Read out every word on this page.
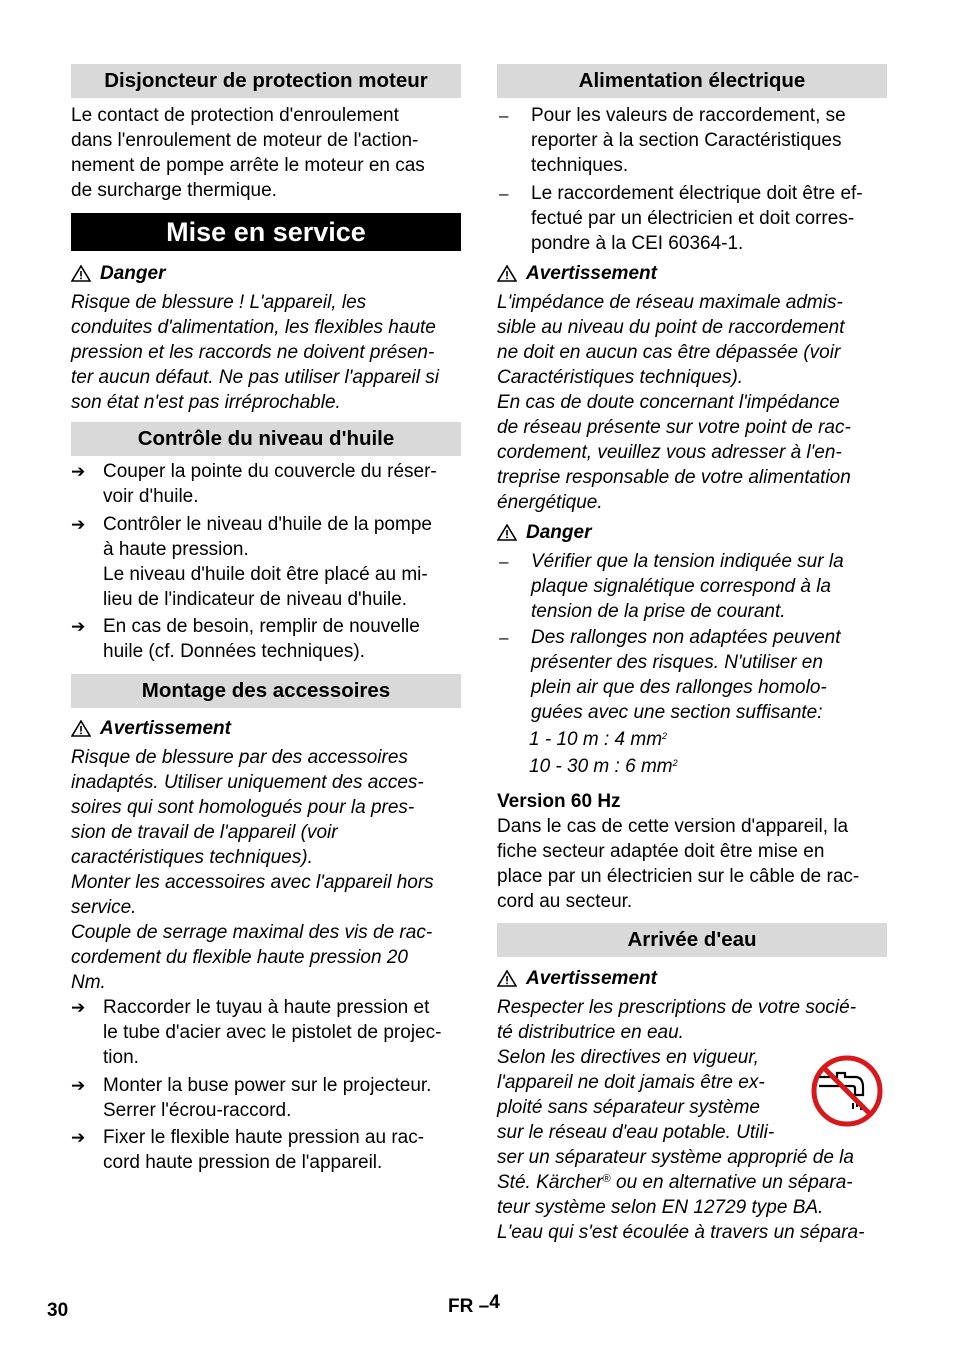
Disjoncteur de protection moteur

Le contact de protection d'enroulement
dans l'enroulement de moteur de l'action-
nement de pompe arrête le moteur en cas
de surcharge thermique.

Mise en service
Danger

Risque de blessure ! L'appareil, les
conduites d'alimentation, les flexibles haute
pression et les raccords ne doivent présen-
ter aucun défaut. Ne pas utiliser l'appareil si
son état n'est pas irréprochable.

Contrôle du niveau d'huile
➔ Couper la pointe du couvercle du réser-
voir d'huile.
➔ Contrôler le niveau d'huile de la pompe
à haute pression.
Le niveau d'huile doit être placé au mi-
lieu de l'indicateur de niveau d'huile.
➔ En cas de besoin, remplir de nouvelle
huile (cf. Données techniques).
Montage des accessoires
Avertissement

Risque de blessure par des accessoires
inadaptés. Utiliser uniquement des acces-
soires qui sont homologués pour la pres-
sion de travail de l'appareil (voir
caractéristiques techniques).
Monter les accessoires avec l'appareil hors
service.
Couple de serrage maximal des vis de rac-
cordement du flexible haute pression 20
Nm.

➔ Raccorder le tuyau à haute pression et
le tube d'acier avec le pistolet de projec-
tion.
➔ Monter la buse power sur le projecteur.
Serrer l'écrou-raccord.
➔ Fixer le flexible haute pression au rac-
cord haute pression de l'appareil.
Alimentation électrique
–	Pour les valeurs de raccordement, se
reporter à la section Caractéristiques
techniques.
–	Le raccordement électrique doit être ef-
fectué par un électricien et doit corres-
pondre à la CEI 60364-1.
Avertissement

L'impédance de réseau maximale admis-
sible au niveau du point de raccordement
ne doit en aucun cas être dépassée (voir
Caractéristiques techniques).
En cas de doute concernant l'impédance
de réseau présente sur votre point de rac-
cordement, veuillez vous adresser à l'en-
treprise responsable de votre alimentation
énergétique.

Danger
–	Vérifier que la tension indiquée sur la
plaque signalétique correspond à la
tension de la prise de courant.
–	Des rallonges non adaptées peuvent
présenter des risques. N'utiliser en
plein air que des rallonges homolo-
guées avec une section suffisante:
1 - 10 m : 4 $mm^2$
10 - 30 m : 6 $mm^2$
Version 60 Hz

Dans le cas de cette version d'appareil, la
fiche secteur adaptée doit être mise en
place par un électricien sur le câble de rac-
cord au secteur.

Arrivée d'eau
Avertissement

Respecter les prescriptions de votre socié-
té distributrice en eau.
Selon les directives en vigueur,
l'appareil ne doit jamais être ex-
ploité sans séparateur système
sur le réseau d'eau potable. Utili-
ser un séparateur système approprié de la
Sté. Kärcher® ou en alternative un sépara-
teur système selon EN 12729 type BA.
L'eau qui s'est écoulée à travers un sépara-

30	FR –4
